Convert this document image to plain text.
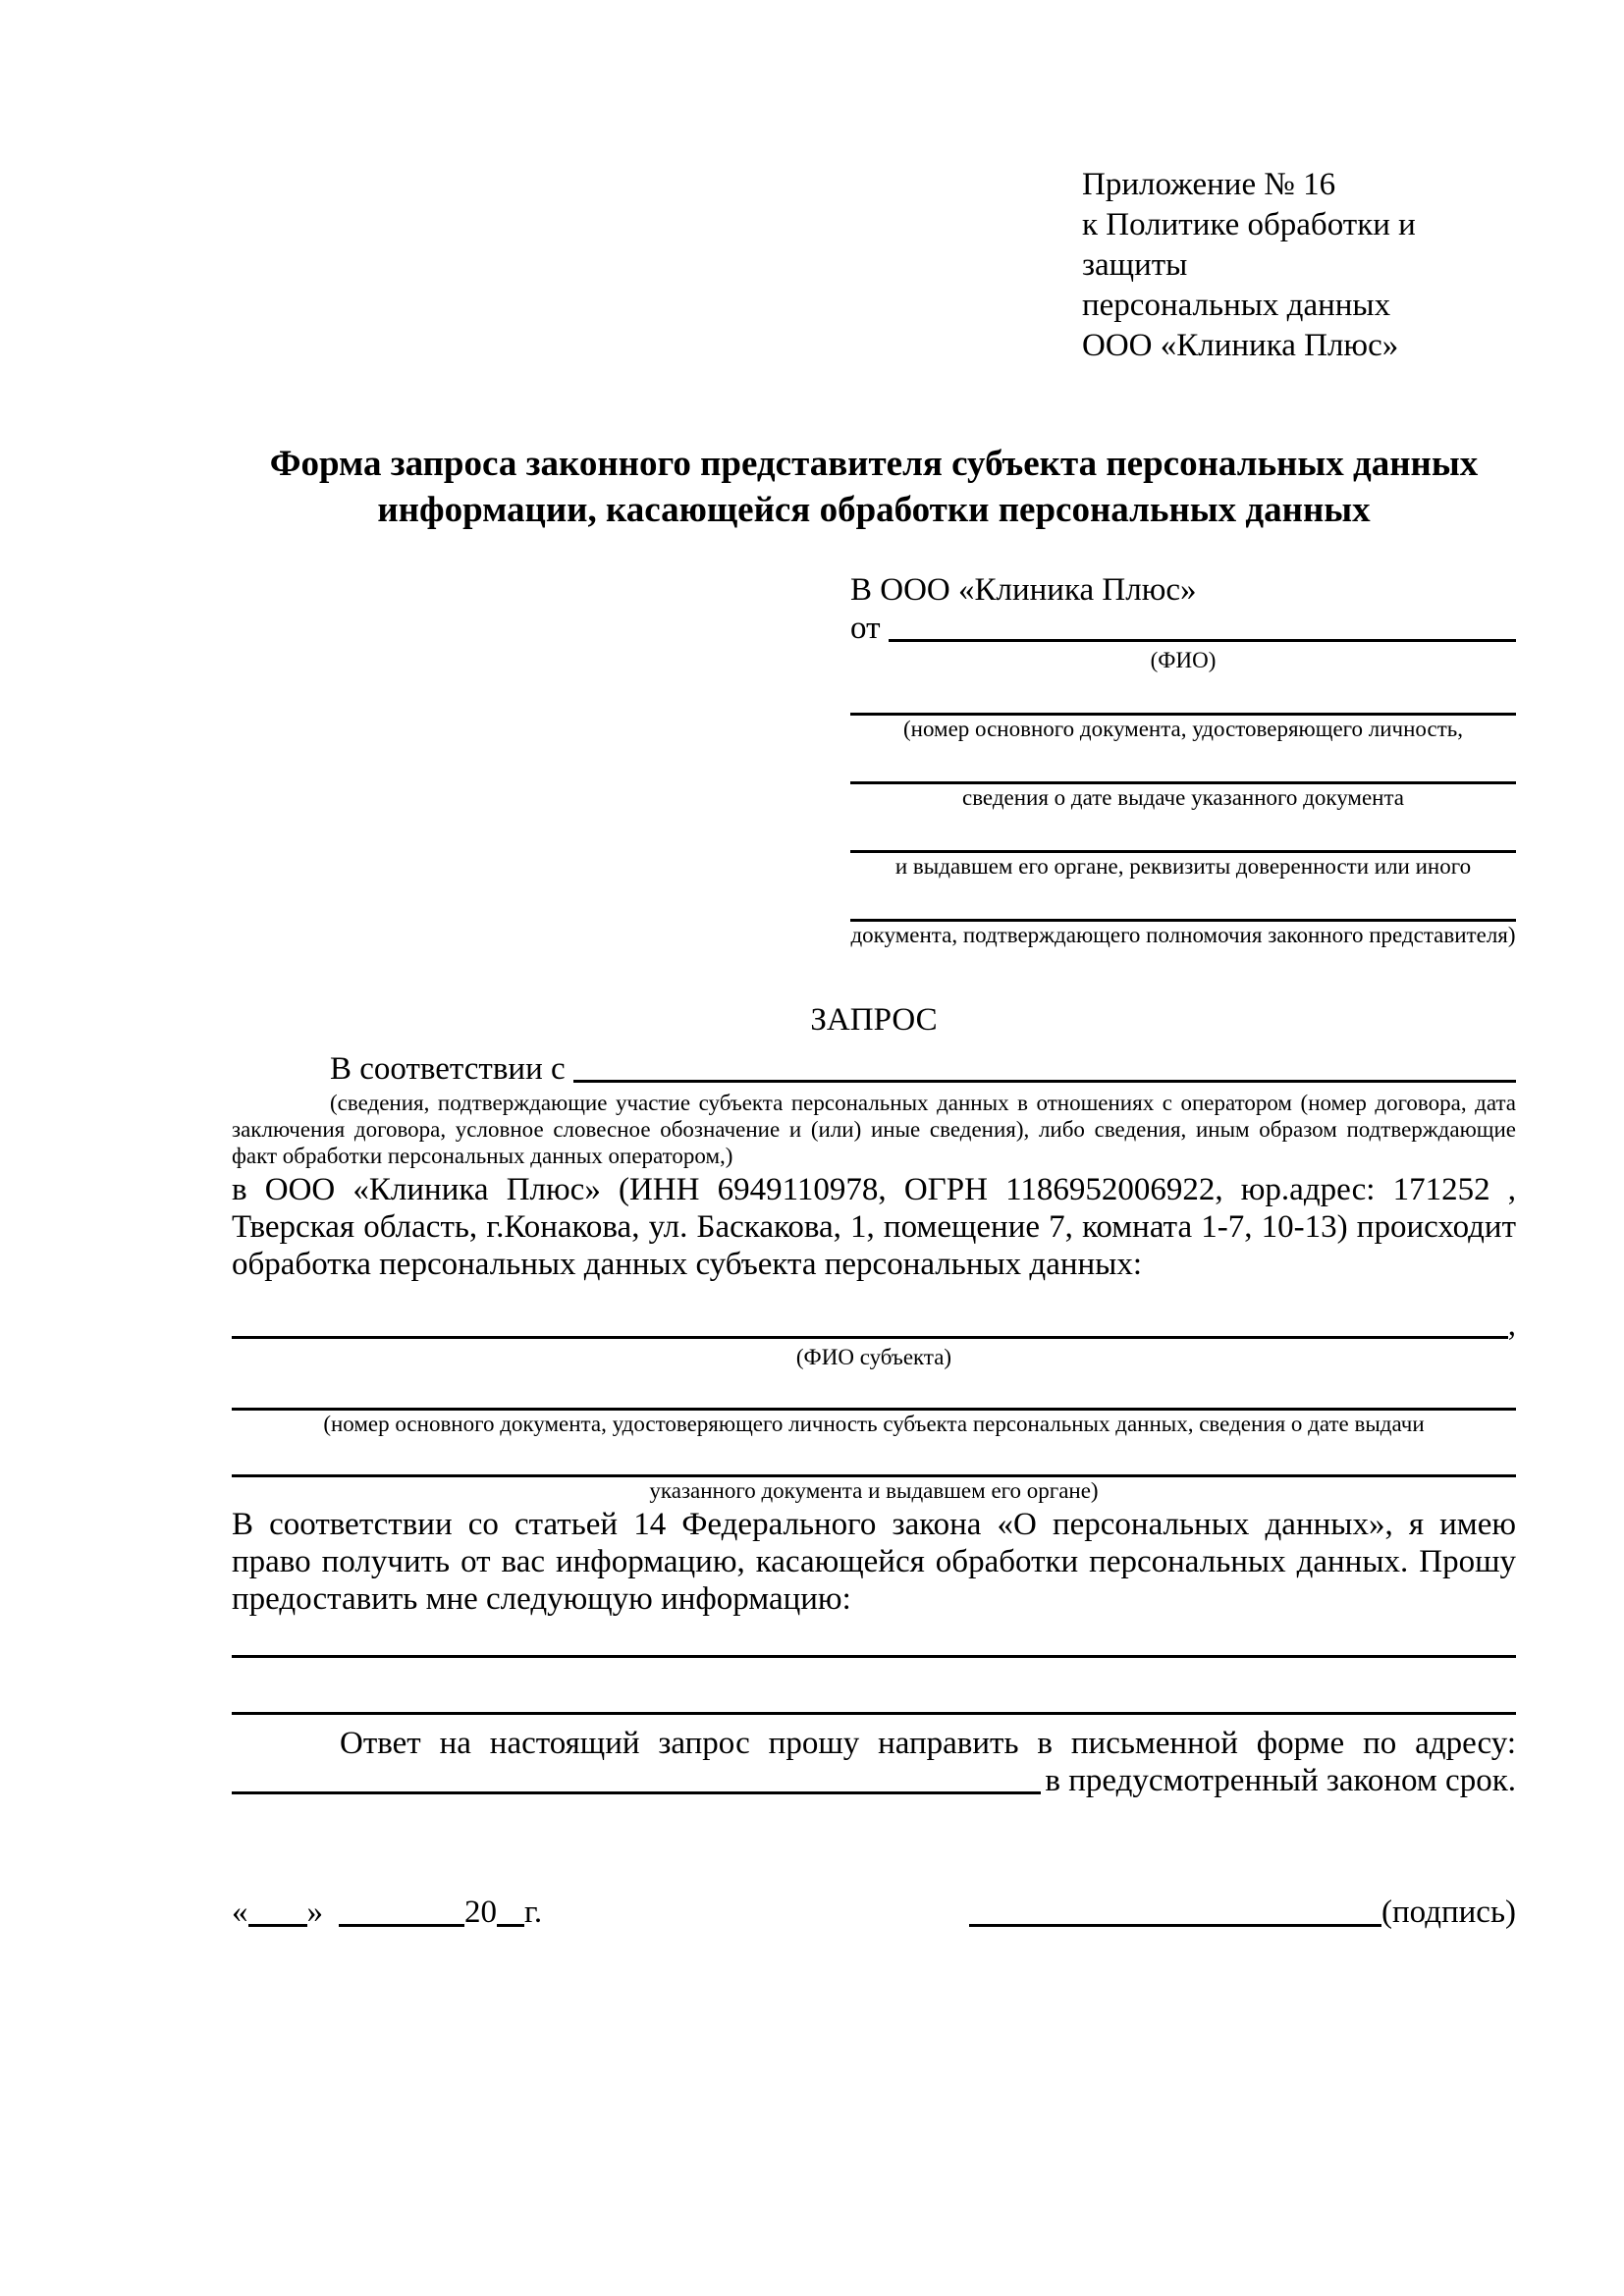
Приложение № 16
к Политике обработки и защиты
персональных данных
ООО «Клиника Плюс»
Форма запроса законного представителя субъекта персональных данных
информации, касающейся обработки персональных данных
В ООО «Клиника Плюс»
от
(ФИО)
(номер основного документа, удостоверяющего личность,
сведения о дате выдаче указанного документа
и выдавшем его органе, реквизиты доверенности или иного
документа, подтверждающего полномочия законного представителя)
ЗАПРОС
В соответствии с
(сведения, подтверждающие участие субъекта персональных данных в отношениях с оператором (номер договора, дата заключения договора, условное словесное обозначение и (или) иные сведения), либо сведения, иным образом подтверждающие факт обработки персональных данных оператором,)

в ООО «Клиника Плюс» (ИНН 6949110978, ОГРН 1186952006922, юр.адрес: 171252 , Тверская область, г.Конакова, ул. Баскакова, 1, помещение 7, комната 1-7, 10-13) происходит обработка персональных данных субъекта персональных данных:

,
(ФИО субъекта)
(номер основного документа, удостоверяющего личность субъекта персональных данных, сведения о дате выдачи
указанного документа и выдавшем его органе)

В соответствии со статьей 14 Федерального закона «О персональных данных», я имею право получить от вас информацию, касающейся обработки персональных данных. Прошу предоставить мне следующую информацию:

Ответ на настоящий запрос прошу направить в письменной форме по адресу:
в предусмотренный законом срок.
« »	20 г.	(подпись)
